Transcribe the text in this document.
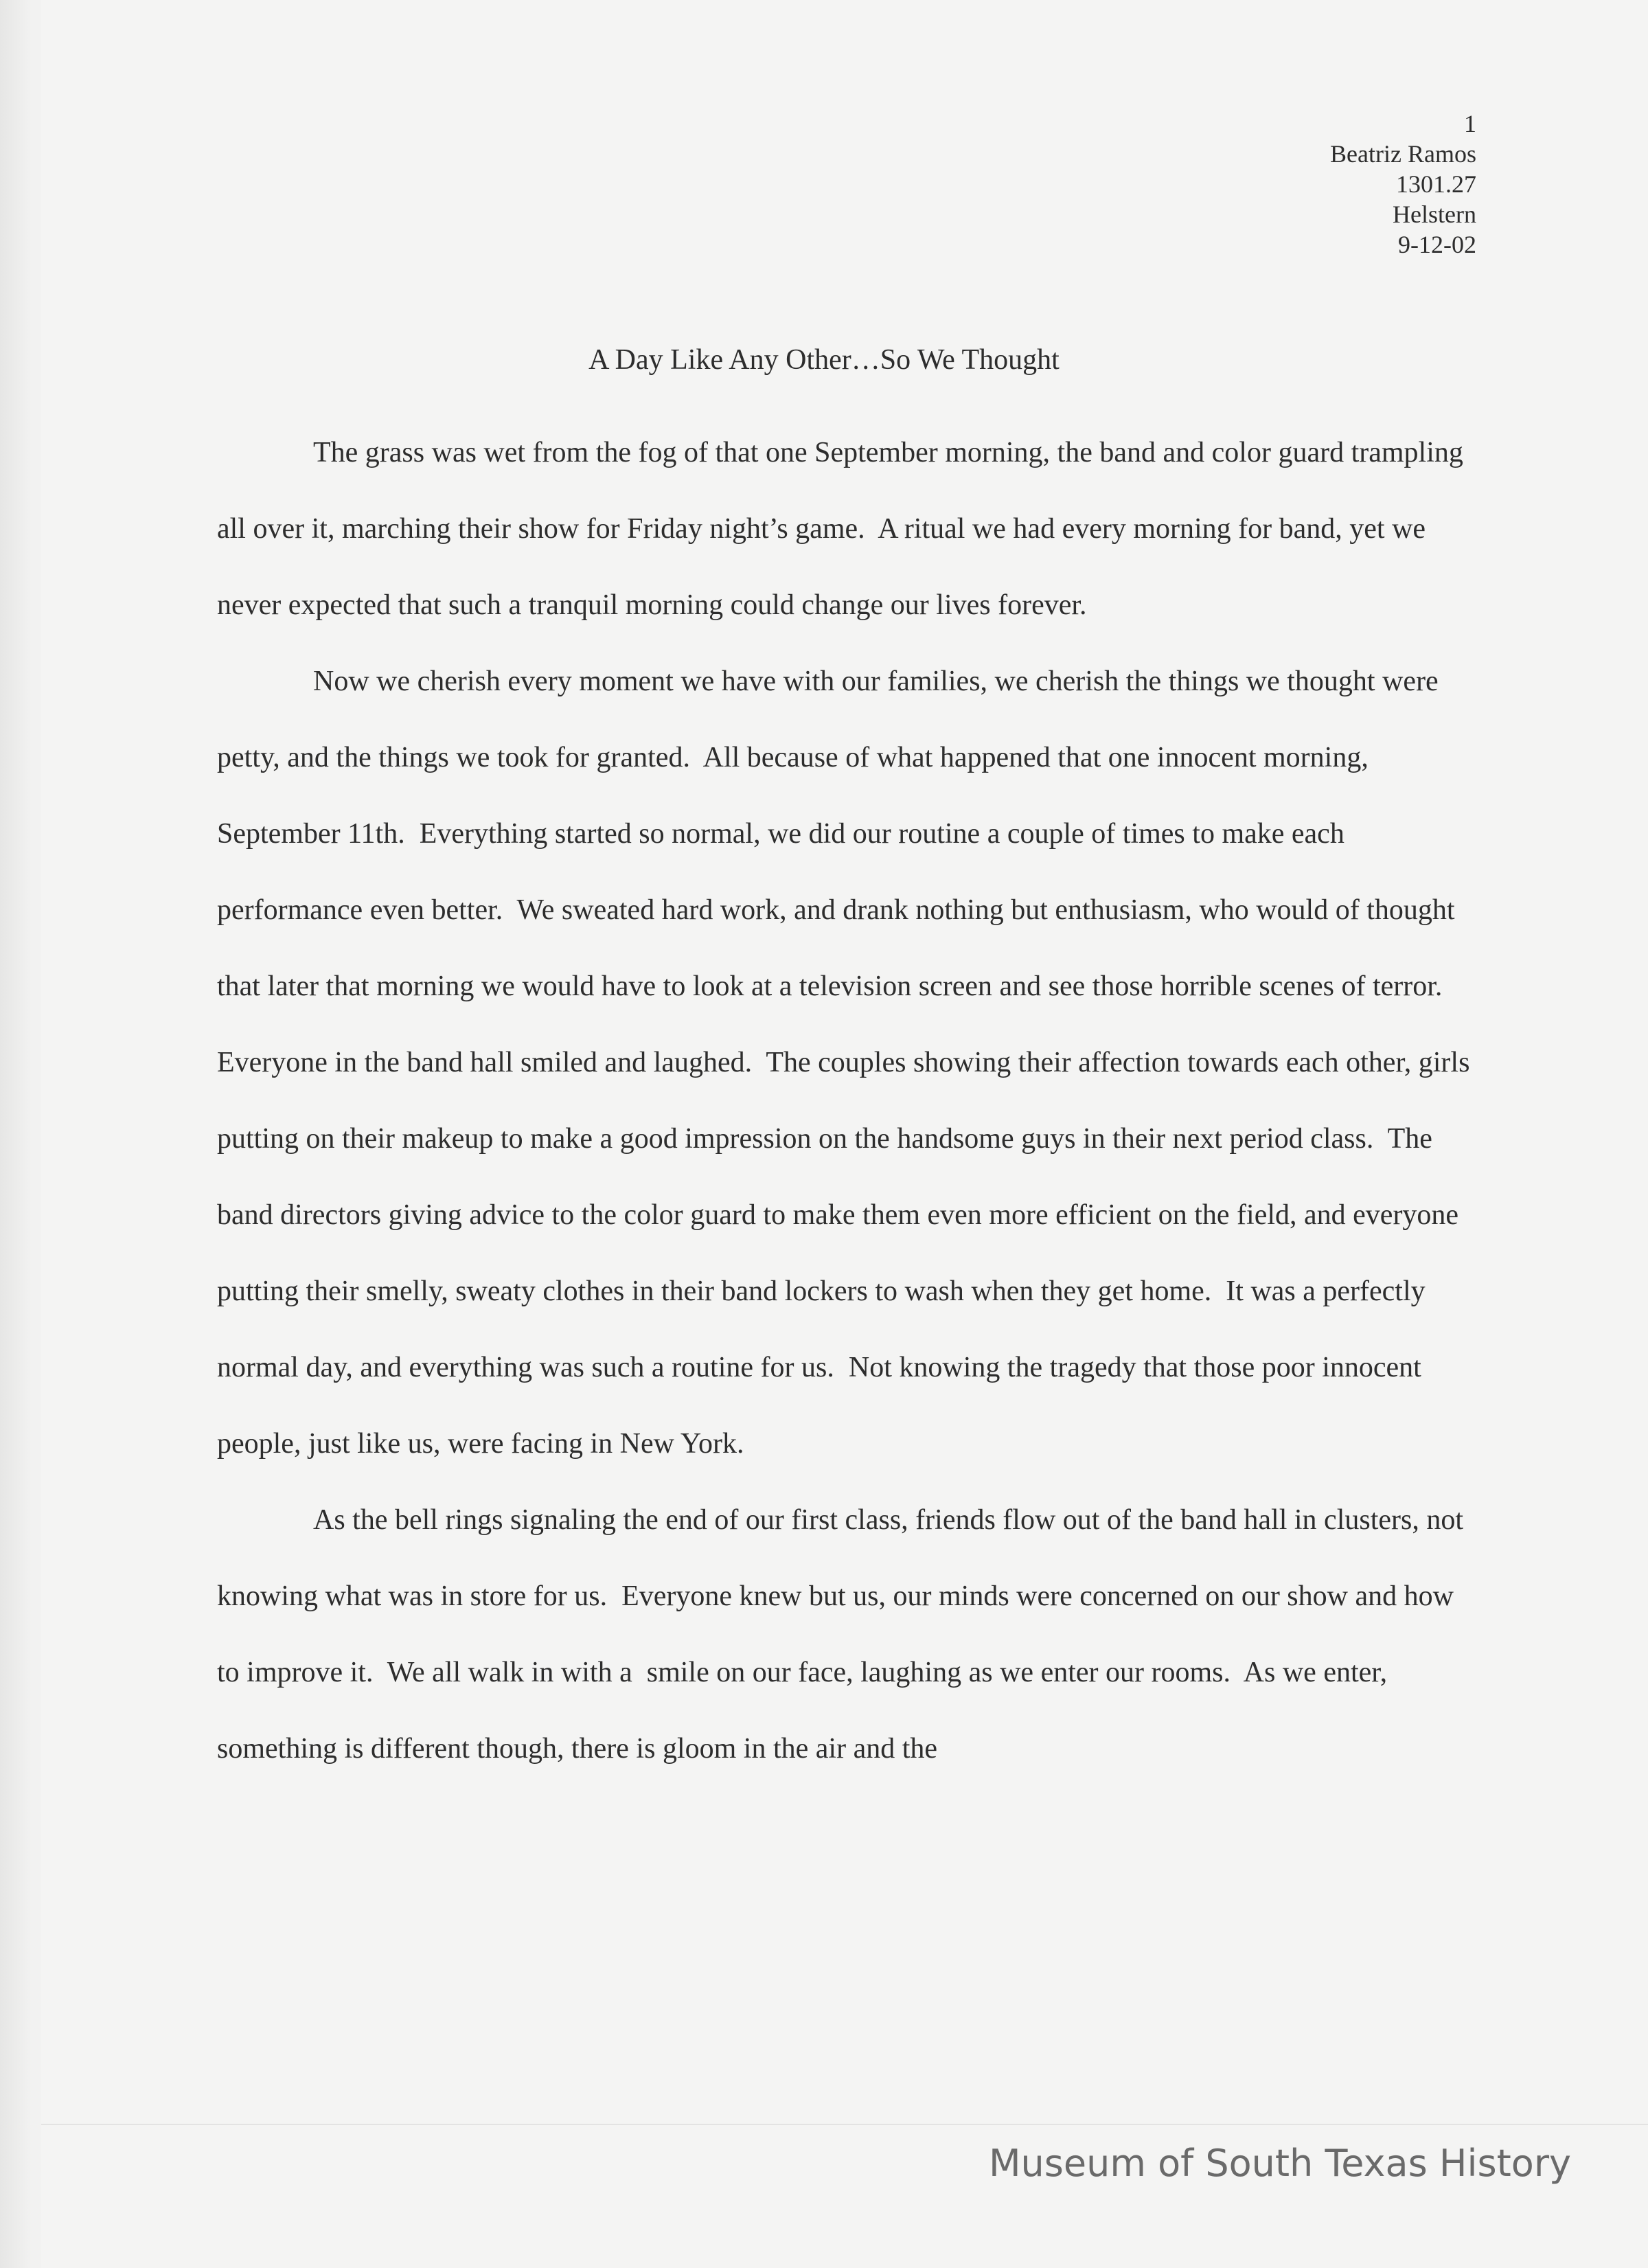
1
Beatriz Ramos
1301.27
Helstern
9-12-02
A Day Like Any Other…So We Thought

The grass was wet from the fog of that one September morning, the band and color guard trampling all over it, marching their show for Friday night’s game.  A ritual we had every morning for band, yet we never expected that such a tranquil morning could change our lives forever.

Now we cherish every moment we have with our families, we cherish the things we thought were petty, and the things we took for granted.  All because of what happened that one innocent morning, September 11th.  Everything started so normal, we did our routine a couple of times to make each performance even better.  We sweated hard work, and drank nothing but enthusiasm, who would of thought that later that morning we would have to look at a television screen and see those horrible scenes of terror.  Everyone in the band hall smiled and laughed.  The couples showing their affection towards each other, girls putting on their makeup to make a good impression on the handsome guys in their next period class.  The band directors giving advice to the color guard to make them even more efficient on the field, and everyone putting their smelly, sweaty clothes in their band lockers to wash when they get home.  It was a perfectly normal day, and everything was such a routine for us.  Not knowing the tragedy that those poor innocent people, just like us, were facing in New York.

As the bell rings signaling the end of our first class, friends flow out of the band hall in clusters, not knowing what was in store for us.  Everyone knew but us, our minds were concerned on our show and how to improve it.  We all walk in with a  smile on our face, laughing as we enter our rooms.  As we enter, something is different though, there is gloom in the air and the

Museum of South Texas History
